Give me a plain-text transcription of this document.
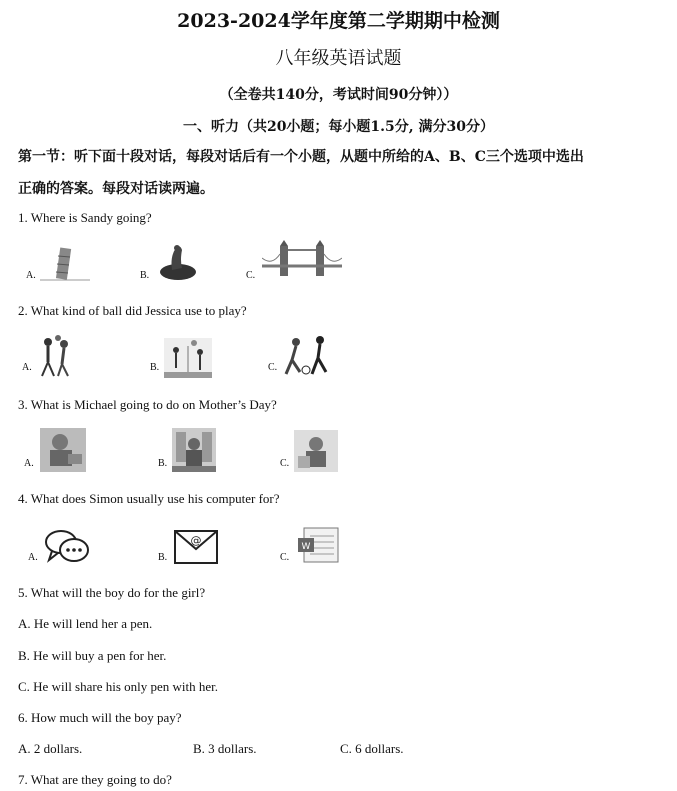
2023-2024学年度第二学期期中检测
八年级英语试题
（全卷共140分，考试时间90分钟））
一、听力（共20小题；每小题1.5分, 满分30分）
第一节：听下面十段对话，每段对话后有一个小题，从题中所给的A、B、C三个选项中选出
正确的答案。每段对话读两遍。
1. Where is Sandy going?
A.	B.	C.
2. What kind of ball did Jessica use to play?
A.	B.	C.
3. What is Michael going to do on Mother’s Day?
A.	B.	C.
4. What does Simon usually use his computer for?
A.	B.
@
C.
W
5. What will the boy do for the girl?
A. He will lend her a pen.
B. He will buy a pen for her.
C. He will share his only pen with her.
6. How much will the boy pay?
A. 2 dollars.	B. 3 dollars.	C. 6 dollars.
7. What are they going to do?
